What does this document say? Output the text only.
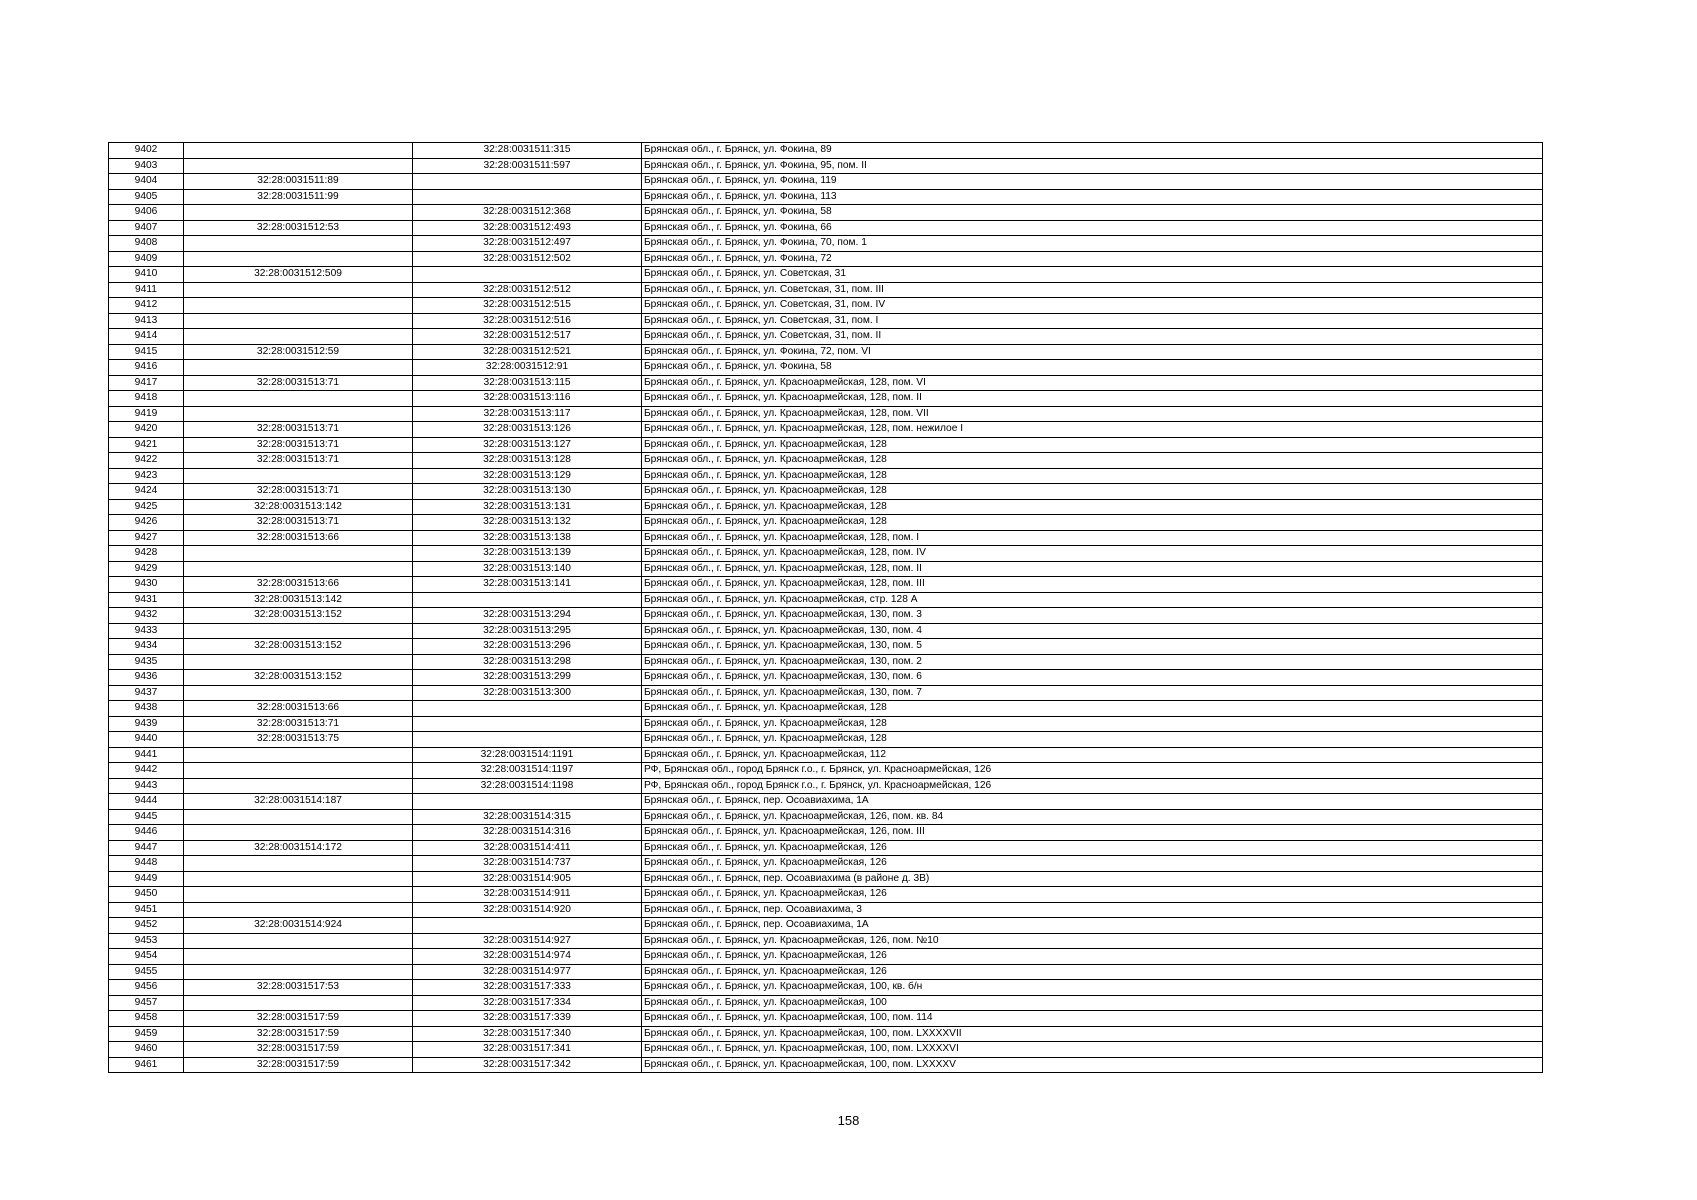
9402		32:28:0031511:315	Брянская обл., г. Брянск, ул. Фокина, 89
9403		32:28:0031511:597	Брянская обл., г. Брянск, ул. Фокина, 95, пом. II
9404	32:28:0031511:89		Брянская обл., г. Брянск, ул. Фокина, 119
9405	32:28:0031511:99		Брянская обл., г. Брянск, ул. Фокина, 113
9406		32:28:0031512:368	Брянская обл., г. Брянск, ул. Фокина, 58
9407	32:28:0031512:53	32:28:0031512:493	Брянская обл., г. Брянск, ул. Фокина, 66
9408		32:28:0031512:497	Брянская обл., г. Брянск, ул. Фокина, 70, пом. 1
9409		32:28:0031512:502	Брянская обл., г. Брянск, ул. Фокина, 72
9410	32:28:0031512:509		Брянская обл., г. Брянск, ул. Советская, 31
9411		32:28:0031512:512	Брянская обл., г. Брянск, ул. Советская, 31, пом. III
9412		32:28:0031512:515	Брянская обл., г. Брянск, ул. Советская, 31, пом. IV
9413		32:28:0031512:516	Брянская обл., г. Брянск, ул. Советская, 31, пом. I
9414		32:28:0031512:517	Брянская обл., г. Брянск, ул. Советская, 31, пом. II
9415	32:28:0031512:59	32:28:0031512:521	Брянская обл., г. Брянск, ул. Фокина, 72, пом. VI
9416		32:28:0031512:91	Брянская обл., г. Брянск, ул. Фокина, 58
9417	32:28:0031513:71	32:28:0031513:115	Брянская обл., г. Брянск, ул. Красноармейская, 128, пом. VI
9418		32:28:0031513:116	Брянская обл., г. Брянск, ул. Красноармейская, 128, пом. II
9419		32:28:0031513:117	Брянская обл., г. Брянск, ул. Красноармейская, 128, пом. VII
9420	32:28:0031513:71	32:28:0031513:126	Брянская обл., г. Брянск, ул. Красноармейская, 128, пом. нежилое I
9421	32:28:0031513:71	32:28:0031513:127	Брянская обл., г. Брянск, ул. Красноармейская, 128
9422	32:28:0031513:71	32:28:0031513:128	Брянская обл., г. Брянск, ул. Красноармейская, 128
9423		32:28:0031513:129	Брянская обл., г. Брянск, ул. Красноармейская, 128
9424	32:28:0031513:71	32:28:0031513:130	Брянская обл., г. Брянск, ул. Красноармейская, 128
9425	32:28:0031513:142	32:28:0031513:131	Брянская обл., г. Брянск, ул. Красноармейская, 128
9426	32:28:0031513:71	32:28:0031513:132	Брянская обл., г. Брянск, ул. Красноармейская, 128
9427	32:28:0031513:66	32:28:0031513:138	Брянская обл., г. Брянск, ул. Красноармейская, 128, пом. I
9428		32:28:0031513:139	Брянская обл., г. Брянск, ул. Красноармейская, 128, пом. IV
9429		32:28:0031513:140	Брянская обл., г. Брянск, ул. Красноармейская, 128, пом. II
9430	32:28:0031513:66	32:28:0031513:141	Брянская обл., г. Брянск, ул. Красноармейская, 128, пом. III
9431	32:28:0031513:142		Брянская обл., г. Брянск, ул. Красноармейская, стр. 128 А
9432	32:28:0031513:152	32:28:0031513:294	Брянская обл., г. Брянск, ул. Красноармейская, 130, пом. 3
9433		32:28:0031513:295	Брянская обл., г. Брянск, ул. Красноармейская, 130, пом. 4
9434	32:28:0031513:152	32:28:0031513:296	Брянская обл., г. Брянск, ул. Красноармейская, 130, пом. 5
9435		32:28:0031513:298	Брянская обл., г. Брянск, ул. Красноармейская, 130, пом. 2
9436	32:28:0031513:152	32:28:0031513:299	Брянская обл., г. Брянск, ул. Красноармейская, 130, пом. 6
9437		32:28:0031513:300	Брянская обл., г. Брянск, ул. Красноармейская, 130, пом. 7
9438	32:28:0031513:66		Брянская обл., г. Брянск, ул. Красноармейская, 128
9439	32:28:0031513:71		Брянская обл., г. Брянск, ул. Красноармейская, 128
9440	32:28:0031513:75		Брянская обл., г. Брянск, ул. Красноармейская, 128
9441		32:28:0031514:1191	Брянская обл., г. Брянск, ул. Красноармейская, 112
9442		32:28:0031514:1197	РФ, Брянская обл., город Брянск г.о., г. Брянск, ул. Красноармейская, 126
9443		32:28:0031514:1198	РФ, Брянская обл., город Брянск г.о., г. Брянск, ул. Красноармейская, 126
9444	32:28:0031514:187		Брянская обл., г. Брянск, пер. Осоавиахима, 1А
9445		32:28:0031514:315	Брянская обл., г. Брянск, ул. Красноармейская, 126, пом. кв. 84
9446		32:28:0031514:316	Брянская обл., г. Брянск, ул. Красноармейская, 126, пом. III
9447	32:28:0031514:172	32:28:0031514:411	Брянская обл., г. Брянск, ул. Красноармейская, 126
9448		32:28:0031514:737	Брянская обл., г. Брянск, ул. Красноармейская, 126
9449		32:28:0031514:905	Брянская обл., г. Брянск, пер. Осоавиахима (в районе д. 3В)
9450		32:28:0031514:911	Брянская обл., г. Брянск, ул. Красноармейская, 126
9451		32:28:0031514:920	Брянская обл., г. Брянск, пер. Осоавиахима, 3
9452	32:28:0031514:924		Брянская обл., г. Брянск, пер. Осоавиахима, 1А
9453		32:28:0031514:927	Брянская обл., г. Брянск, ул. Красноармейская, 126, пом. №10
9454		32:28:0031514:974	Брянская обл., г. Брянск, ул. Красноармейская, 126
9455		32:28:0031514:977	Брянская обл., г. Брянск, ул. Красноармейская, 126
9456	32:28:0031517:53	32:28:0031517:333	Брянская обл., г. Брянск, ул. Красноармейская, 100, кв. б/н
9457		32:28:0031517:334	Брянская обл., г. Брянск, ул. Красноармейская, 100
9458	32:28:0031517:59	32:28:0031517:339	Брянская обл., г. Брянск, ул. Красноармейская, 100, пом. 114
9459	32:28:0031517:59	32:28:0031517:340	Брянская обл., г. Брянск, ул. Красноармейская, 100, пом. LXXXXVII
9460	32:28:0031517:59	32:28:0031517:341	Брянская обл., г. Брянск, ул. Красноармейская, 100, пом. LXXXXVI
9461	32:28:0031517:59	32:28:0031517:342	Брянская обл., г. Брянск, ул. Красноармейская, 100, пом. LXXXXV
158
